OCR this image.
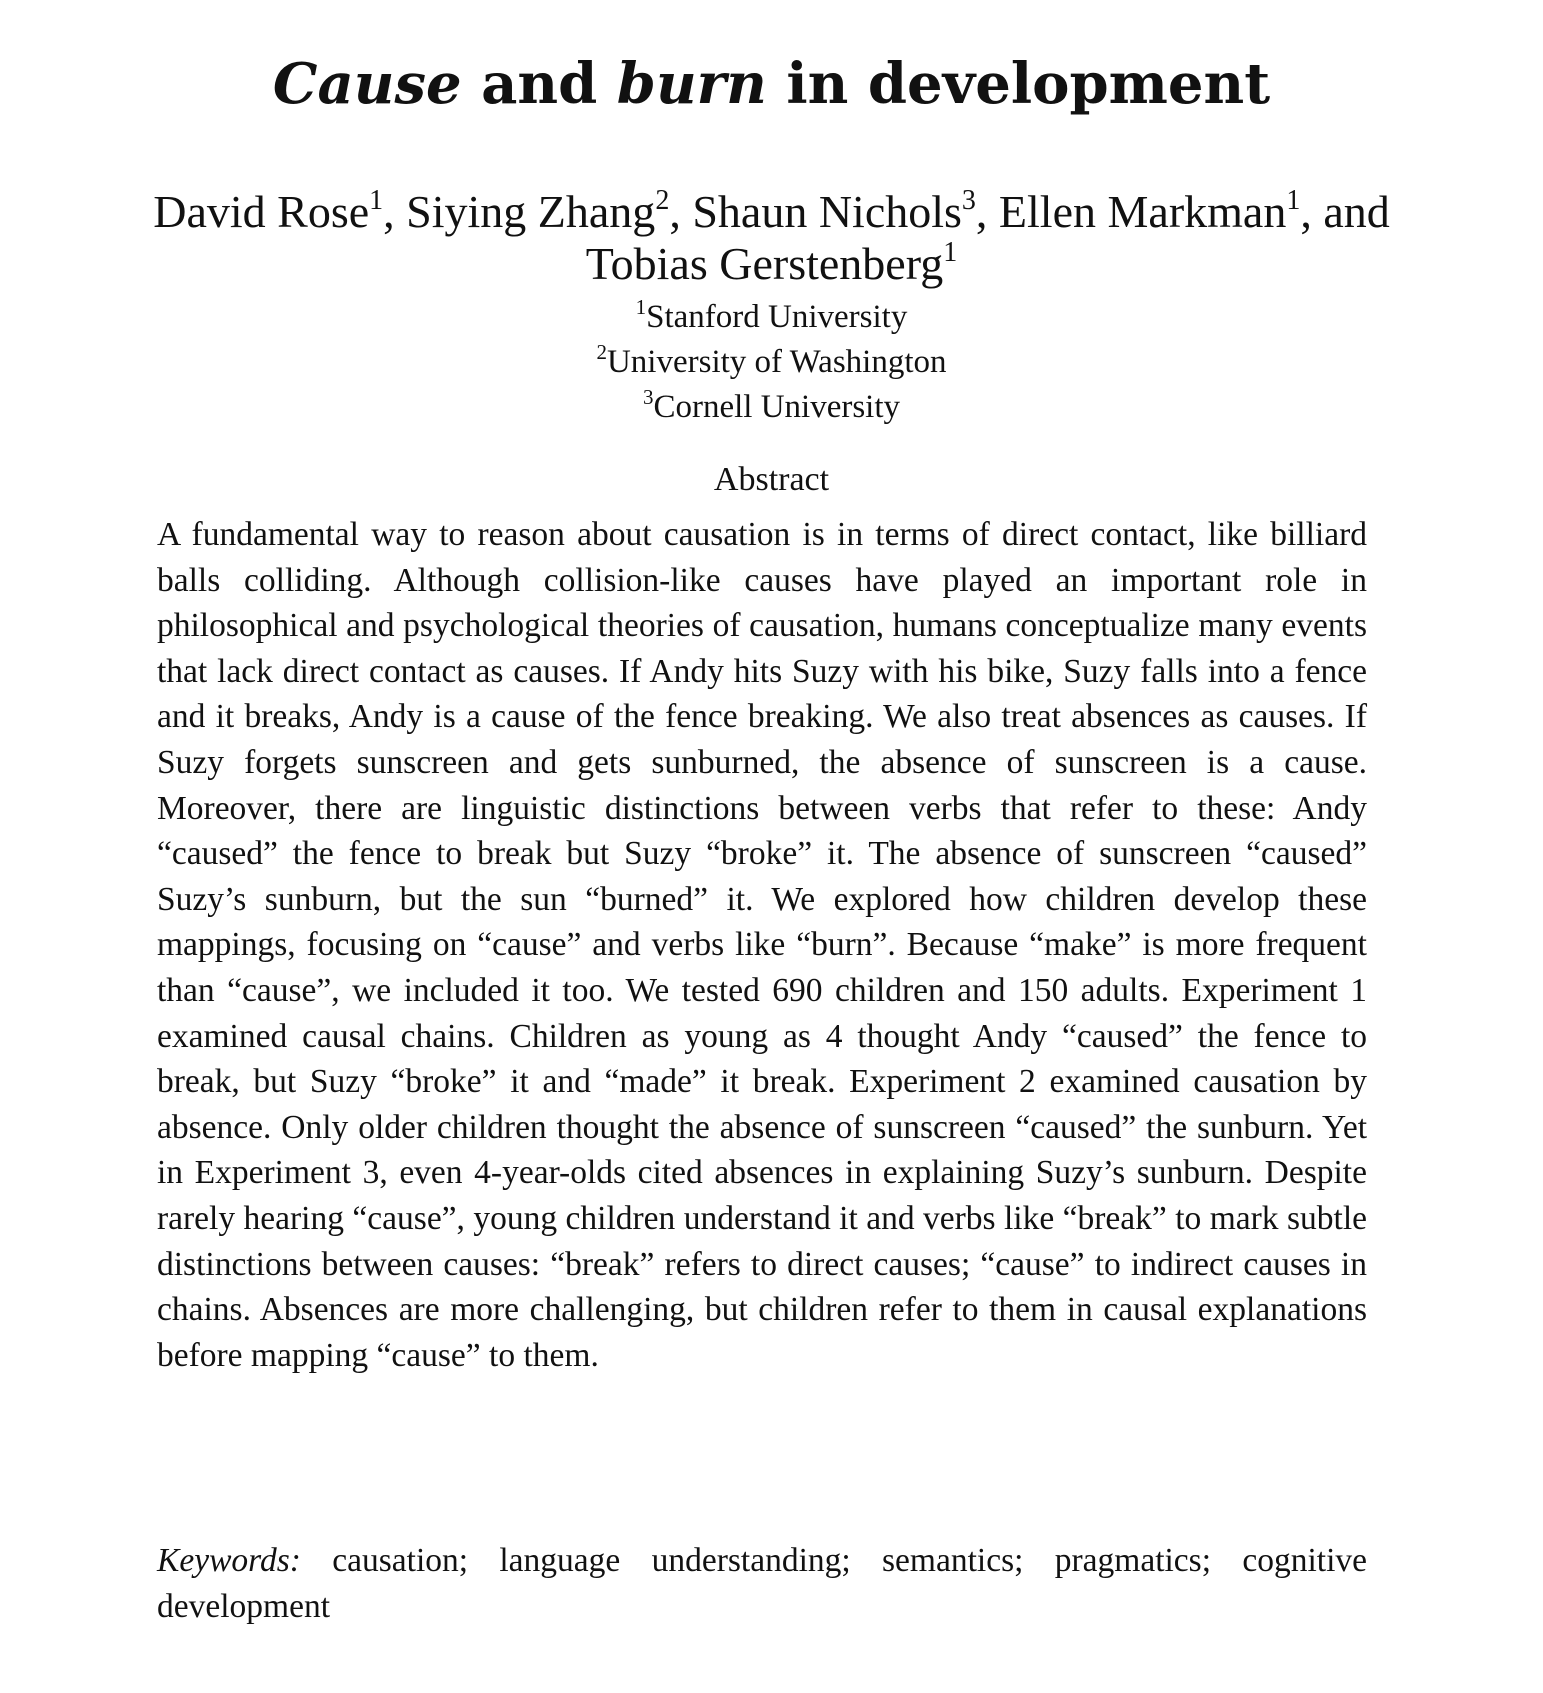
Cause and burn in development
David Rose$^1$, Siying Zhang$^2$, Shaun Nichols$^3$, Ellen Markman$^1$, and
Tobias Gerstenberg$^1$
$^1$Stanford University
$^2$University of Washington
$^3$Cornell University
Abstract
A fundamental way to reason about causation is in terms of direct contact, like billiard balls colliding. Although collision-like causes have played an important role in philosophical and psychological theories of causation, humans conceptualize many events that lack direct contact as causes. If Andy hits Suzy with his bike, Suzy falls into a fence and it breaks, Andy is a cause of the fence breaking. We also treat absences as causes. If Suzy forgets sunscreen and gets sunburned, the absence of sunscreen is a cause. Moreover, there are linguistic distinctions between verbs that refer to these: Andy “caused” the fence to break but Suzy “broke” it. The absence of sunscreen “caused” Suzy’s sunburn, but the sun “burned” it. We explored how children develop these mappings, focusing on “cause” and verbs like “burn”. Because “make” is more frequent than “cause”, we included it too. We tested 690 children and 150 adults. Experiment 1 examined causal chains. Children as young as 4 thought Andy “caused” the fence to break, but Suzy “broke” it and “made” it break. Experiment 2 examined causation by absence. Only older children thought the absence of sunscreen “caused” the sunburn. Yet in Experiment 3, even 4-year-olds cited absences in explaining Suzy’s sunburn. Despite rarely hearing “cause”, young children understand it and verbs like “break” to mark subtle distinctions between causes: “break” refers to direct causes; “cause” to indirect causes in chains. Absences are more challenging, but children refer to them in causal explanations before mapping “cause” to them.
Keywords: causation; language understanding; semantics; pragmatics; cognitive development
